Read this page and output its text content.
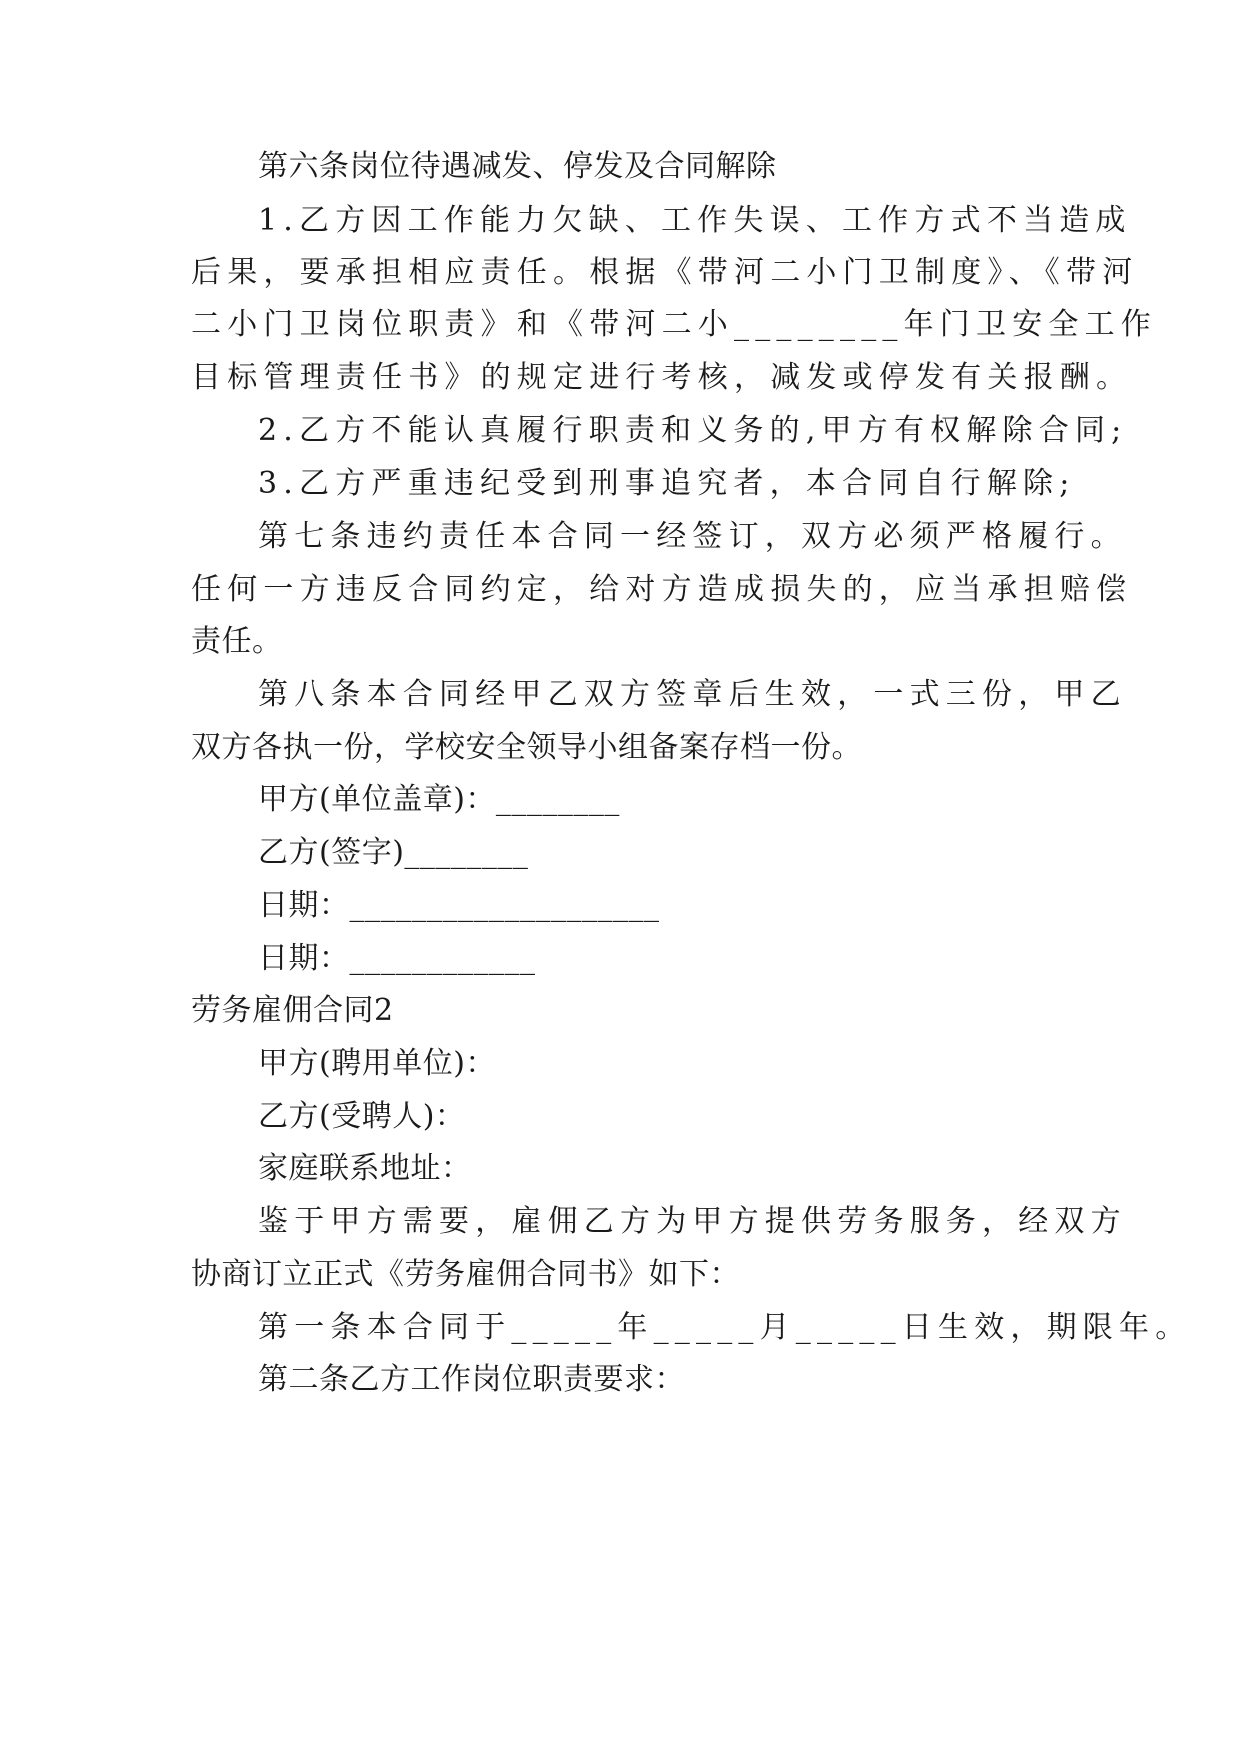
第六条岗位待遇减发、停发及合同解除

1.乙方因工作能力欠缺、工作失误、工作方式不当造成

后果，要承担相应责任。根据《带河二小门卫制度》、《带河

二小门卫岗位职责》和《带河二小________年门卫安全工作

目标管理责任书》的规定进行考核，减发或停发有关报酬。

2.乙方不能认真履行职责和义务的,甲方有权解除合同;

3.乙方严重违纪受到刑事追究者，本合同自行解除;

第七条违约责任本合同一经签订，双方必须严格履行。

任何一方违反合同约定，给对方造成损失的，应当承担赔偿

责任。

第八条本合同经甲乙双方签章后生效，一式三份，甲乙

双方各执一份，学校安全领导小组备案存档一份。

甲方(单位盖章)：________

乙方(签字)________

日期：____________________

日期：____________

劳务雇佣合同2

甲方(聘用单位)：

乙方(受聘人)：

家庭联系地址：

鉴于甲方需要，雇佣乙方为甲方提供劳务服务，经双方

协商订立正式《劳务雇佣合同书》如下：

第一条本合同于_____年_____月_____日生效，期限年。

第二条乙方工作岗位职责要求：
